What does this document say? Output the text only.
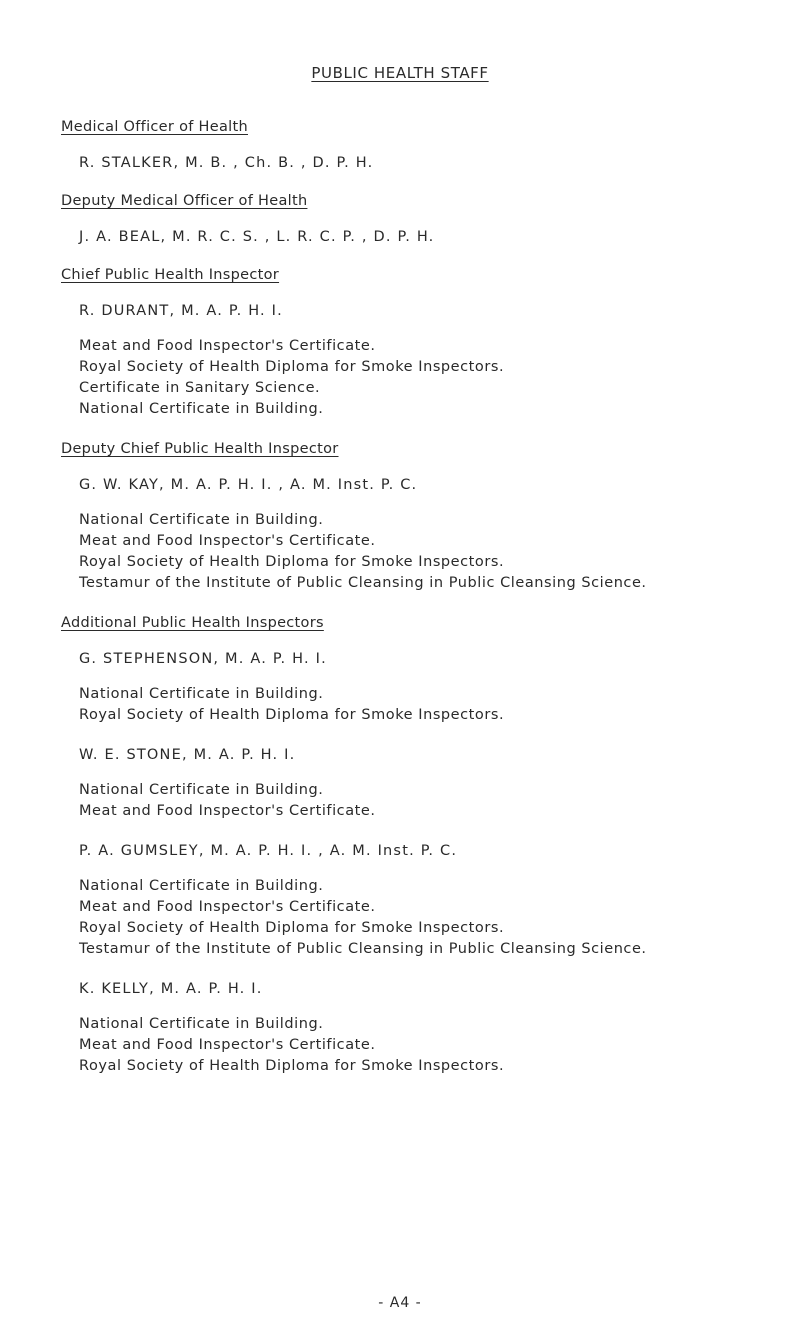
PUBLIC HEALTH STAFF
Medical Officer of Health
R. STALKER, M. B. , Ch. B. , D. P. H.
Deputy Medical Officer of Health
J. A. BEAL, M. R. C. S. , L. R. C. P. , D. P. H.
Chief Public Health Inspector
R. DURANT, M. A. P. H. I.

Meat and Food Inspector's Certificate.

Royal Society of Health Diploma for Smoke Inspectors.

Certificate in Sanitary Science.

National Certificate in Building.

Deputy Chief Public Health Inspector
G. W. KAY, M. A. P. H. I. , A. M. Inst. P. C.

National Certificate in Building.

Meat and Food Inspector's Certificate.

Royal Society of Health Diploma for Smoke Inspectors.

Testamur of the Institute of Public Cleansing in Public Cleansing Science.

Additional Public Health Inspectors
G. STEPHENSON, M. A. P. H. I.

National Certificate in Building.

Royal Society of Health Diploma for Smoke Inspectors.

W. E. STONE, M. A. P. H. I.

National Certificate in Building.

Meat and Food Inspector's Certificate.

P. A. GUMSLEY, M. A. P. H. I. , A. M. Inst. P. C.

National Certificate in Building.

Meat and Food Inspector's Certificate.

Royal Society of Health Diploma for Smoke Inspectors.

Testamur of the Institute of Public Cleansing in Public Cleansing Science.

K. KELLY, M. A. P. H. I.

National Certificate in Building.

Meat and Food Inspector's Certificate.

Royal Society of Health Diploma for Smoke Inspectors.

- A4 -
